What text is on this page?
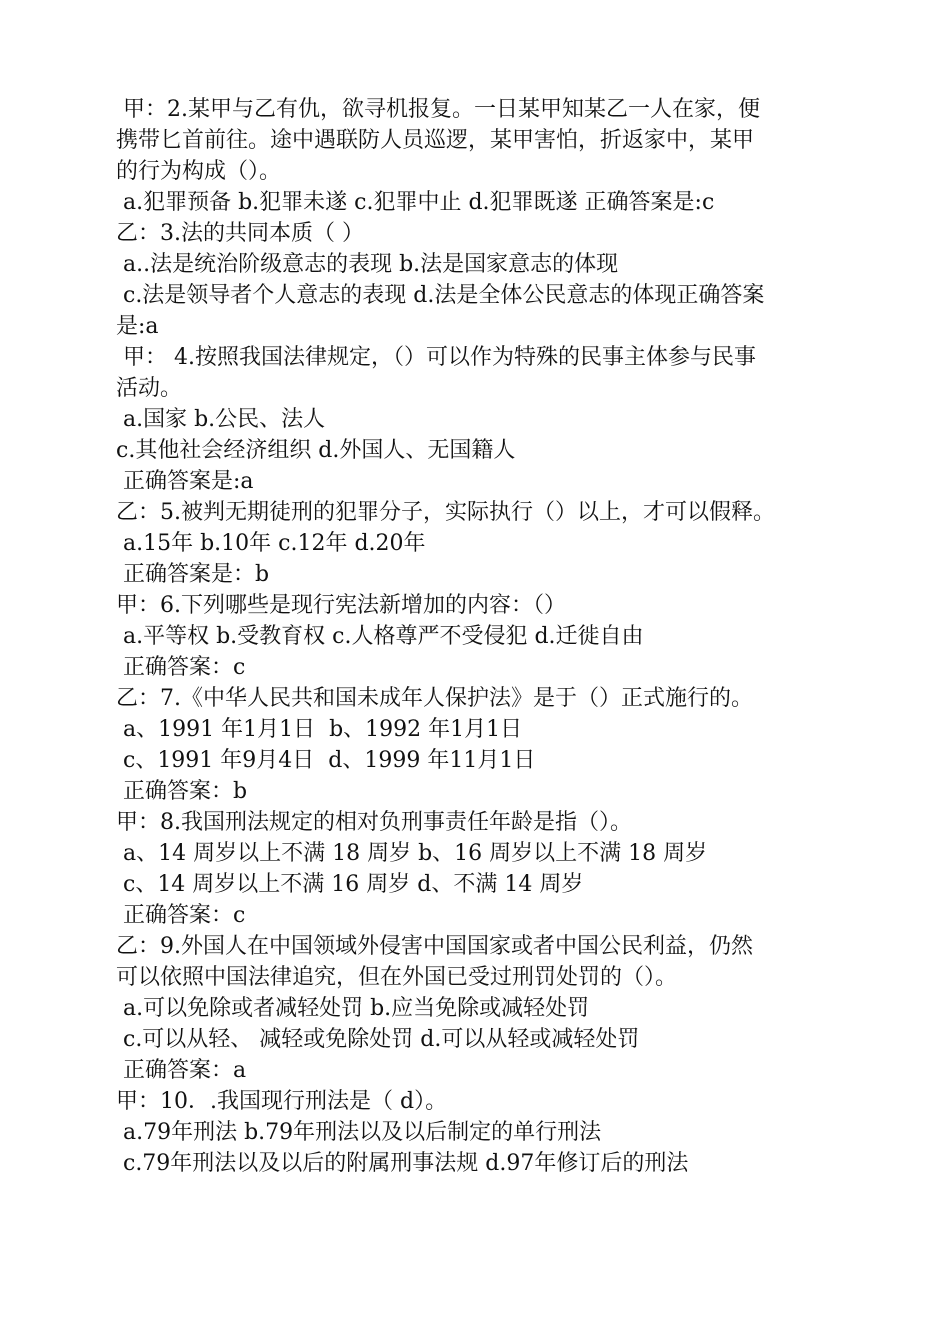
甲：2.某甲与乙有仇，欲寻机报复。一日某甲知某乙一人在家，便
携带匕首前往。途中遇联防人员巡逻，某甲害怕，折返家中，某甲
的行为构成（）。
a.犯罪预备 b.犯罪未遂 c.犯罪中止 d.犯罪既遂 正确答案是:c
乙：3.法的共同本质（ ）
a..法是统治阶级意志的表现 b.法是国家意志的体现
c.法是领导者个人意志的表现 d.法是全体公民意志的体现正确答案
是:a
甲： 4.按照我国法律规定，（）可以作为特殊的民事主体参与民事
活动。
a.国家 b.公民、法人
c.其他社会经济组织 d.外国人、无国籍人
正确答案是:a
乙：5.被判无期徒刑的犯罪分子，实际执行（）以上，才可以假释。
a.15年 b.10年 c.12年 d.20年
正确答案是：b
甲：6.下列哪些是现行宪法新增加的内容：（）
a.平等权 b.受教育权 c.人格尊严不受侵犯 d.迁徙自由
正确答案：c
乙：7.《中华人民共和国未成年人保护法》是于（）正式施行的。
a、1991 年1月1日  b、1992 年1月1日
c、1991 年9月4日  d、1999 年11月1日
正确答案：b
甲：8.我国刑法规定的相对负刑事责任年龄是指（）。
a、14 周岁以上不满 18 周岁 b、16 周岁以上不满 18 周岁
c、14 周岁以上不满 16 周岁 d、不满 14 周岁
正确答案：c
乙：9.外国人在中国领域外侵害中国国家或者中国公民利益，仍然
可以依照中国法律追究，但在外国已受过刑罚处罚的（）。
a.可以免除或者减轻处罚 b.应当免除或减轻处罚
c.可以从轻、 减轻或免除处罚 d.可以从轻或减轻处罚
正确答案：a
甲：10．.我国现行刑法是（ d）。
a.79年刑法 b.79年刑法以及以后制定的单行刑法
c.79年刑法以及以后的附属刑事法规 d.97年修订后的刑法
